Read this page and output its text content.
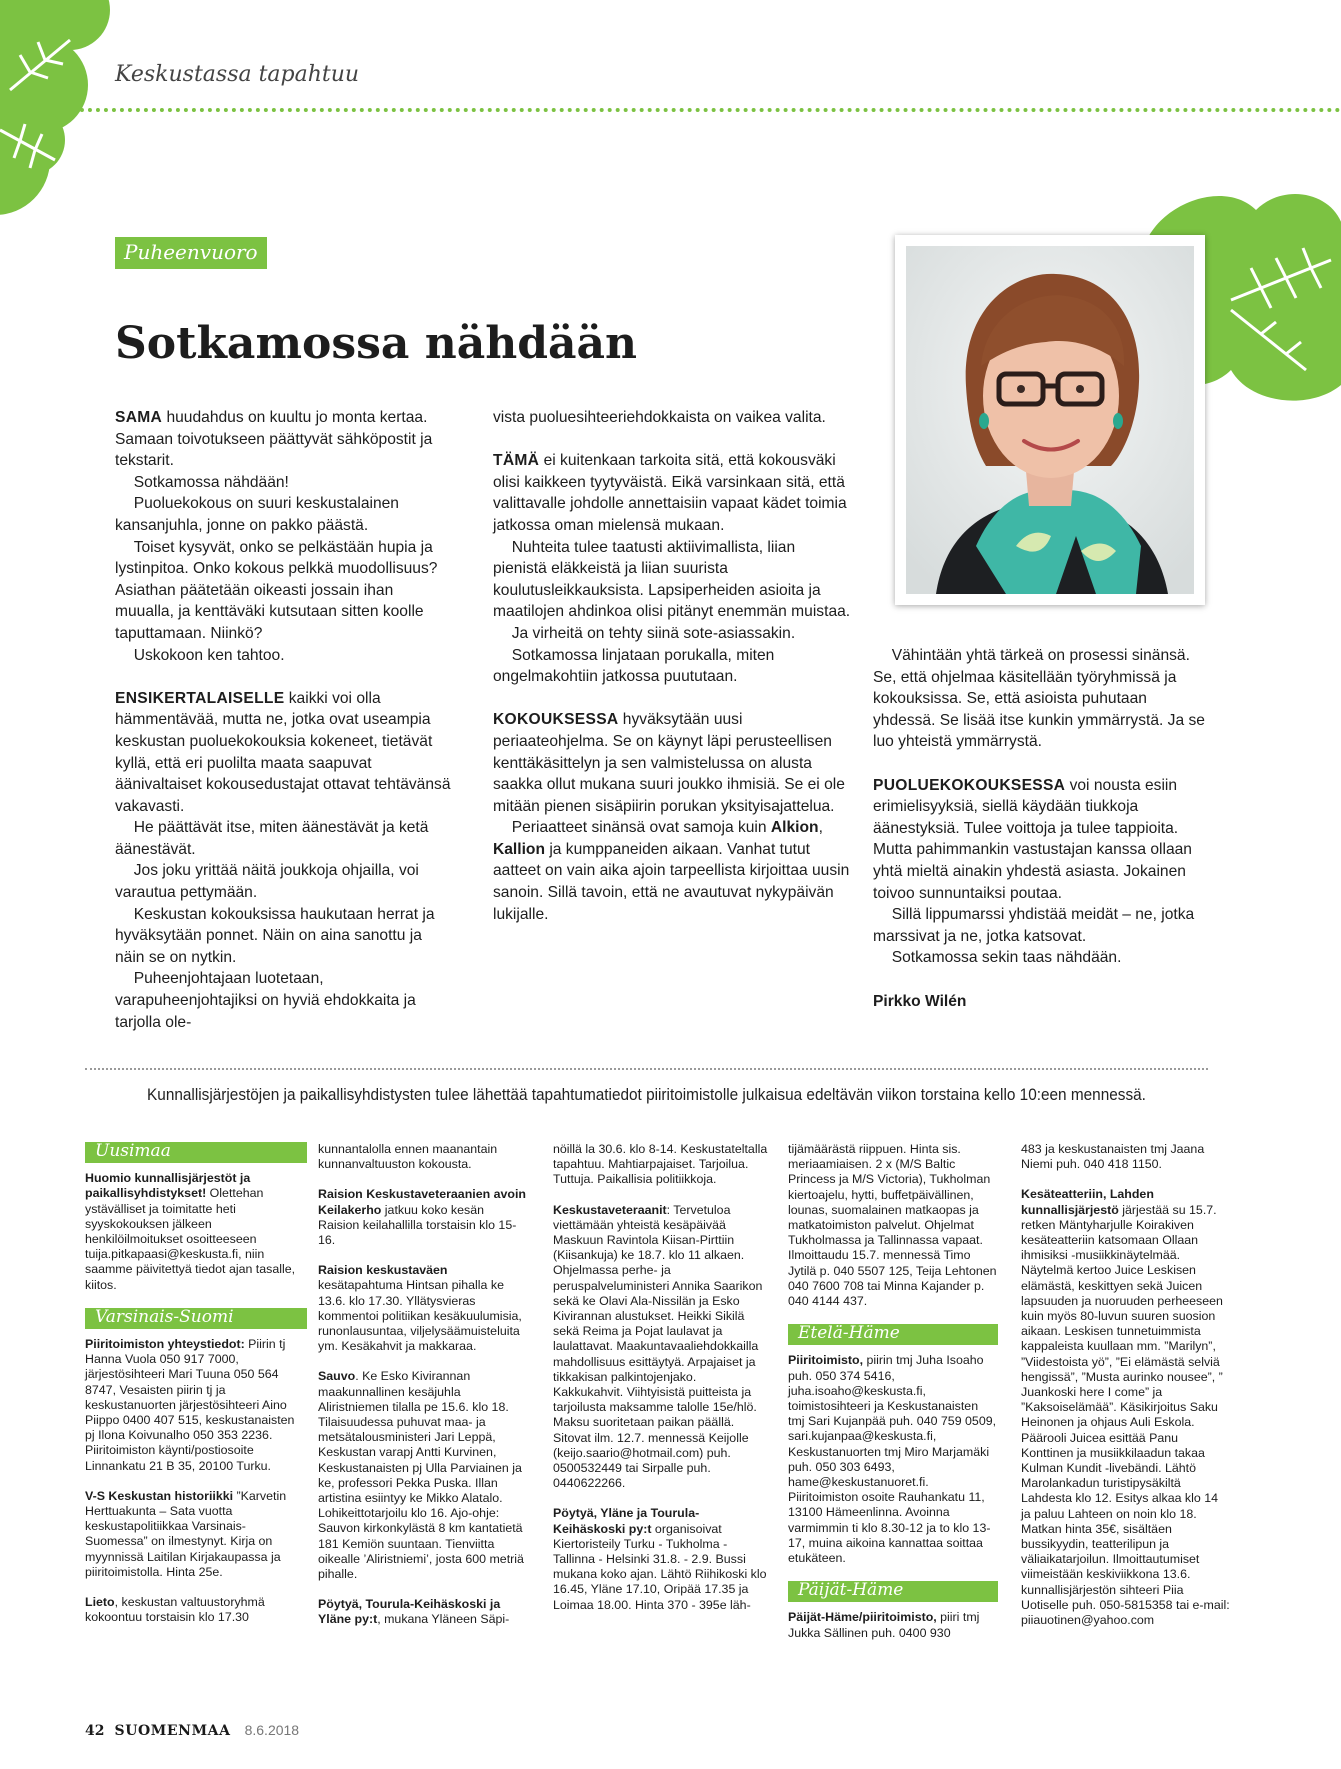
Keskustassa tapahtuu
Puheenvuoro
Sotkamossa nähdään

SAMA huudahdus on kuultu jo monta kertaa. Samaan toivotukseen päättyvät sähköpostit ja tekstarit.

Sotkamossa nähdään!

Puoluekokous on suuri keskustalainen kansanjuhla, jonne on pakko päästä.

Toiset kysyvät, onko se pelkästään hupia ja lystinpitoa. Onko kokous pelkkä muodollisuus? Asiathan päätetään oikeasti jossain ihan muualla, ja kenttäväki kutsutaan sitten koolle taputtamaan. Niinkö?

Uskokoon ken tahtoo.

ENSIKERTALAISELLE kaikki voi olla hämmentävää, mutta ne, jotka ovat useampia keskustan puoluekokouksia kokeneet, tietävät kyllä, että eri puolilta maata saapuvat äänivaltaiset kokousedustajat ottavat tehtävänsä vakavasti.

He päättävät itse, miten äänestävät ja ketä äänestävät.

Jos joku yrittää näitä joukkoja ohjailla, voi varautua pettymään.

Keskustan kokouksissa haukutaan herrat ja hyväksytään ponnet. Näin on aina sanottu ja näin se on nytkin.

Puheenjohtajaan luotetaan, varapuheenjohtajiksi on hyviä ehdokkaita ja tarjolla ole-

vista puoluesihteeriehdokkaista on vaikea valita.

TÄMÄ ei kuitenkaan tarkoita sitä, että kokousväki olisi kaikkeen tyytyväistä. Eikä varsinkaan sitä, että valittavalle johdolle annettaisiin vapaat kädet toimia jatkossa oman mielensä mukaan.

Nuhteita tulee taatusti aktiivimallista, liian pienistä eläkkeistä ja liian suurista koulutusleikkauksista. Lapsiperheiden asioita ja maatilojen ahdinkoa olisi pitänyt enemmän muistaa.

Ja virheitä on tehty siinä sote-asiassakin.

Sotkamossa linjataan porukalla, miten ongelmakohtiin jatkossa puututaan.

KOKOUKSESSA hyväksytään uusi periaateohjelma. Se on käynyt läpi perusteellisen kenttäkäsittelyn ja sen valmistelussa on alusta saakka ollut mukana suuri joukko ihmisiä. Se ei ole mitään pienen sisäpiirin porukan yksityisajattelua.

Periaatteet sinänsä ovat samoja kuin Alkion, Kallion ja kumppaneiden aikaan. Vanhat tutut aatteet on vain aika ajoin tarpeellista kirjoittaa uusin sanoin. Sillä tavoin, että ne avautuvat nykypäivän lukijalle.

Vähintään yhtä tärkeä on prosessi sinänsä. Se, että ohjelmaa käsitellään työryhmissä ja kokouksissa. Se, että asioista puhutaan yhdessä. Se lisää itse kunkin ymmärrystä. Ja se luo yhteistä ymmärrystä.

PUOLUEKOKOUKSESSA voi nousta esiin erimielisyyksiä, siellä käydään tiukkoja äänestyksiä. Tulee voittoja ja tulee tappioita. Mutta pahimmankin vastustajan kanssa ollaan yhtä mieltä ainakin yhdestä asiasta. Jokainen toivoo sunnuntaiksi poutaa.

Sillä lippumarssi yhdistää meidät – ne, jotka marssivat ja ne, jotka katsovat.

Sotkamossa sekin taas nähdään.

Pirkko Wilén

Kunnallisjärjestöjen ja paikallisyhdistysten tulee lähettää tapahtumatiedot piiritoimistolle julkaisua edeltävän viikon torstaina kello 10:een mennessä.
Uusimaa

Huomio kunnallisjärjestöt ja paikallisyhdistykset! Olettehan ystävälliset ja toimitatte heti syyskokouksen jälkeen henkilöilmoitukset osoitteeseen tuija.pitkapaasi@keskusta.fi, niin saamme päivitettyä tiedot ajan tasalle, kiitos.

Varsinais-Suomi

Piiritoimiston yhteystiedot: Piirin tj Hanna Vuola 050 917 7000, järjestösihteeri Mari Tuuna 050 564 8747, Vesaisten piirin tj ja keskustanuorten järjestösihteeri Aino Piippo 0400 407 515, keskustanaisten pj Ilona Koivunalho 050 353 2236. Piiritoimiston käynti/postiosoite Linnankatu 21 B 35, 20100 Turku.

V-S Keskustan historiikki ”Karvetin Herttuakunta – Sata vuotta keskustapolitiikkaa Varsinais-Suomessa” on ilmestynyt. Kirja on myynnissä Laitilan Kirjakaupassa ja piiritoimistolla. Hinta 25e.

Lieto, keskustan valtuustoryhmä kokoontuu torstaisin klo 17.30

kunnantalolla ennen maanantain kunnanvaltuuston kokousta.

Raision Keskustaveteraanien avoin Keilakerho jatkuu koko kesän Raision keilahallilla torstaisin klo 15-16.

Raision keskustaväen kesätapahtuma Hintsan pihalla ke 13.6. klo 17.30. Yllätysvieras kommentoi politiikan kesäkuulumisia, runonlausuntaa, viljelysäämuisteluita ym. Kesäkahvit ja makkaraa.

Sauvo. Ke Esko Kivirannan maakunnallinen kesäjuhla Aliristniemen tilalla pe 15.6. klo 18. Tilaisuudessa puhuvat maa- ja metsätalousministeri Jari Leppä, Keskustan varapj Antti Kurvinen, Keskustanaisten pj Ulla Parviainen ja ke, professori Pekka Puska. Illan artistina esiintyy ke Mikko Alatalo. Lohikeittotarjoilu klo 16. Ajo-ohje: Sauvon kirkonkylästä 8 km kantatietä 181 Kemiön suuntaan. Tienviitta oikealle ’Aliristniemi’, josta 600 metriä pihalle.

Pöytyä, Tourula-Keihäskoski ja Yläne py:t, mukana Yläneen Säpi-

nöillä la 30.6. klo 8-14. Keskustateltalla tapahtuu. Mahtiarpajaiset. Tarjoilua. Tuttuja. Paikallisia politiikkoja.

Keskustaveteraanit: Tervetuloa viettämään yhteistä kesäpäivää Maskuun Ravintola Kiisan-Pirttiin (Kiisankuja) ke 18.7. klo 11 alkaen. Ohjelmassa perhe- ja peruspalveluministeri Annika Saarikon sekä ke Olavi Ala-Nissilän ja Esko Kivirannan alustukset. Heikki Sikilä sekä Reima ja Pojat laulavat ja laulattavat. Maakuntavaaliehdokkailla mahdollisuus esittäytyä. Arpajaiset ja tikkakisan palkintojenjako. Kakkukahvit. Viihtyisistä puitteista ja tarjoilusta maksamme talolle 15e/hlö. Maksu suoritetaan paikan päällä. Sitovat ilm. 12.7. mennessä Keijolle (keijo.saario@hotmail.com) puh. 0500532449 tai Sirpalle puh. 0440622266.

Pöytyä, Yläne ja Tourula-Keihäskoski py:t organisoivat Kiertoristeily Turku - Tukholma - Tallinna - Helsinki 31.8. - 2.9. Bussi mukana koko ajan. Lähtö Riihikoski klo 16.45, Yläne 17.10, Oripää 17.35 ja Loimaa 18.00. Hinta 370 - 395e läh-

tijämäärästä riippuen. Hinta sis. meriaamiaisen. 2 x (M/S Baltic Princess ja M/S Victoria), Tukholman kiertoajelu, hytti, buffetpäivällinen, lounas, suomalainen matkaopas ja matkatoimiston palvelut. Ohjelmat Tukholmassa ja Tallinnassa vapaat. Ilmoittaudu 15.7. mennessä Timo Jytilä p. 040 5507 125, Teija Lehtonen 040 7600 708 tai Minna Kajander p. 040 4144 437.

Etelä-Häme

Piiritoimisto, piirin tmj Juha Isoaho puh. 050 374 5416, juha.isoaho@keskusta.fi, toimistosihteeri ja Keskustanaisten tmj Sari Kujanpää puh. 040 759 0509, sari.kujanpaa@keskusta.fi, Keskustanuorten tmj Miro Marjamäki puh. 050 303 6493, hame@keskustanuoret.fi. Piiritoimiston osoite Rauhankatu 11, 13100 Hämeenlinna. Avoinna varmimmin ti klo 8.30-12 ja to klo 13-17, muina aikoina kannattaa soittaa etukäteen.

Päijät-Häme

Päijät-Häme/piiritoimisto, piiri tmj Jukka Sällinen puh. 0400 930

483 ja keskustanaisten tmj Jaana Niemi puh. 040 418 1150.

Kesäteatteriin, Lahden kunnallisjärjestö järjestää su 15.7. retken Mäntyharjulle Koirakiven kesäteatteriin katsomaan Ollaan ihmisiksi -musiikkinäytelmää. Näytelmä kertoo Juice Leskisen elämästä, keskittyen sekä Juicen lapsuuden ja nuoruuden perheeseen kuin myös 80-luvun suuren suosion aikaan. Leskisen tunnetuimmista kappaleista kuullaan mm. ”Marilyn”, ”Viidestoista yö”, ”Ei elämästä selviä hengissä”, ”Musta aurinko nousee”, ” Juankoski here I come” ja ”Kaksoiselämää”. Käsikirjoitus Saku Heinonen ja ohjaus Auli Eskola. Päärooli Juicea esittää Panu Konttinen ja musiikkilaadun takaa Kulman Kundit -livebändi. Lähtö Marolankadun turistipysäkiltä Lahdesta klo 12. Esitys alkaa klo 14 ja paluu Lahteen on noin klo 18. Matkan hinta 35€, sisältäen bussikyydin, teatterilipun ja väliaikatarjoilun. Ilmoittautumiset viimeistään keskiviikkona 13.6. kunnallisjärjestön sihteeri Piia Uotiselle puh. 050-5815358 tai e-mail: piiauotinen@yahoo.com

42 SUOMENMAA 8.6.2018
